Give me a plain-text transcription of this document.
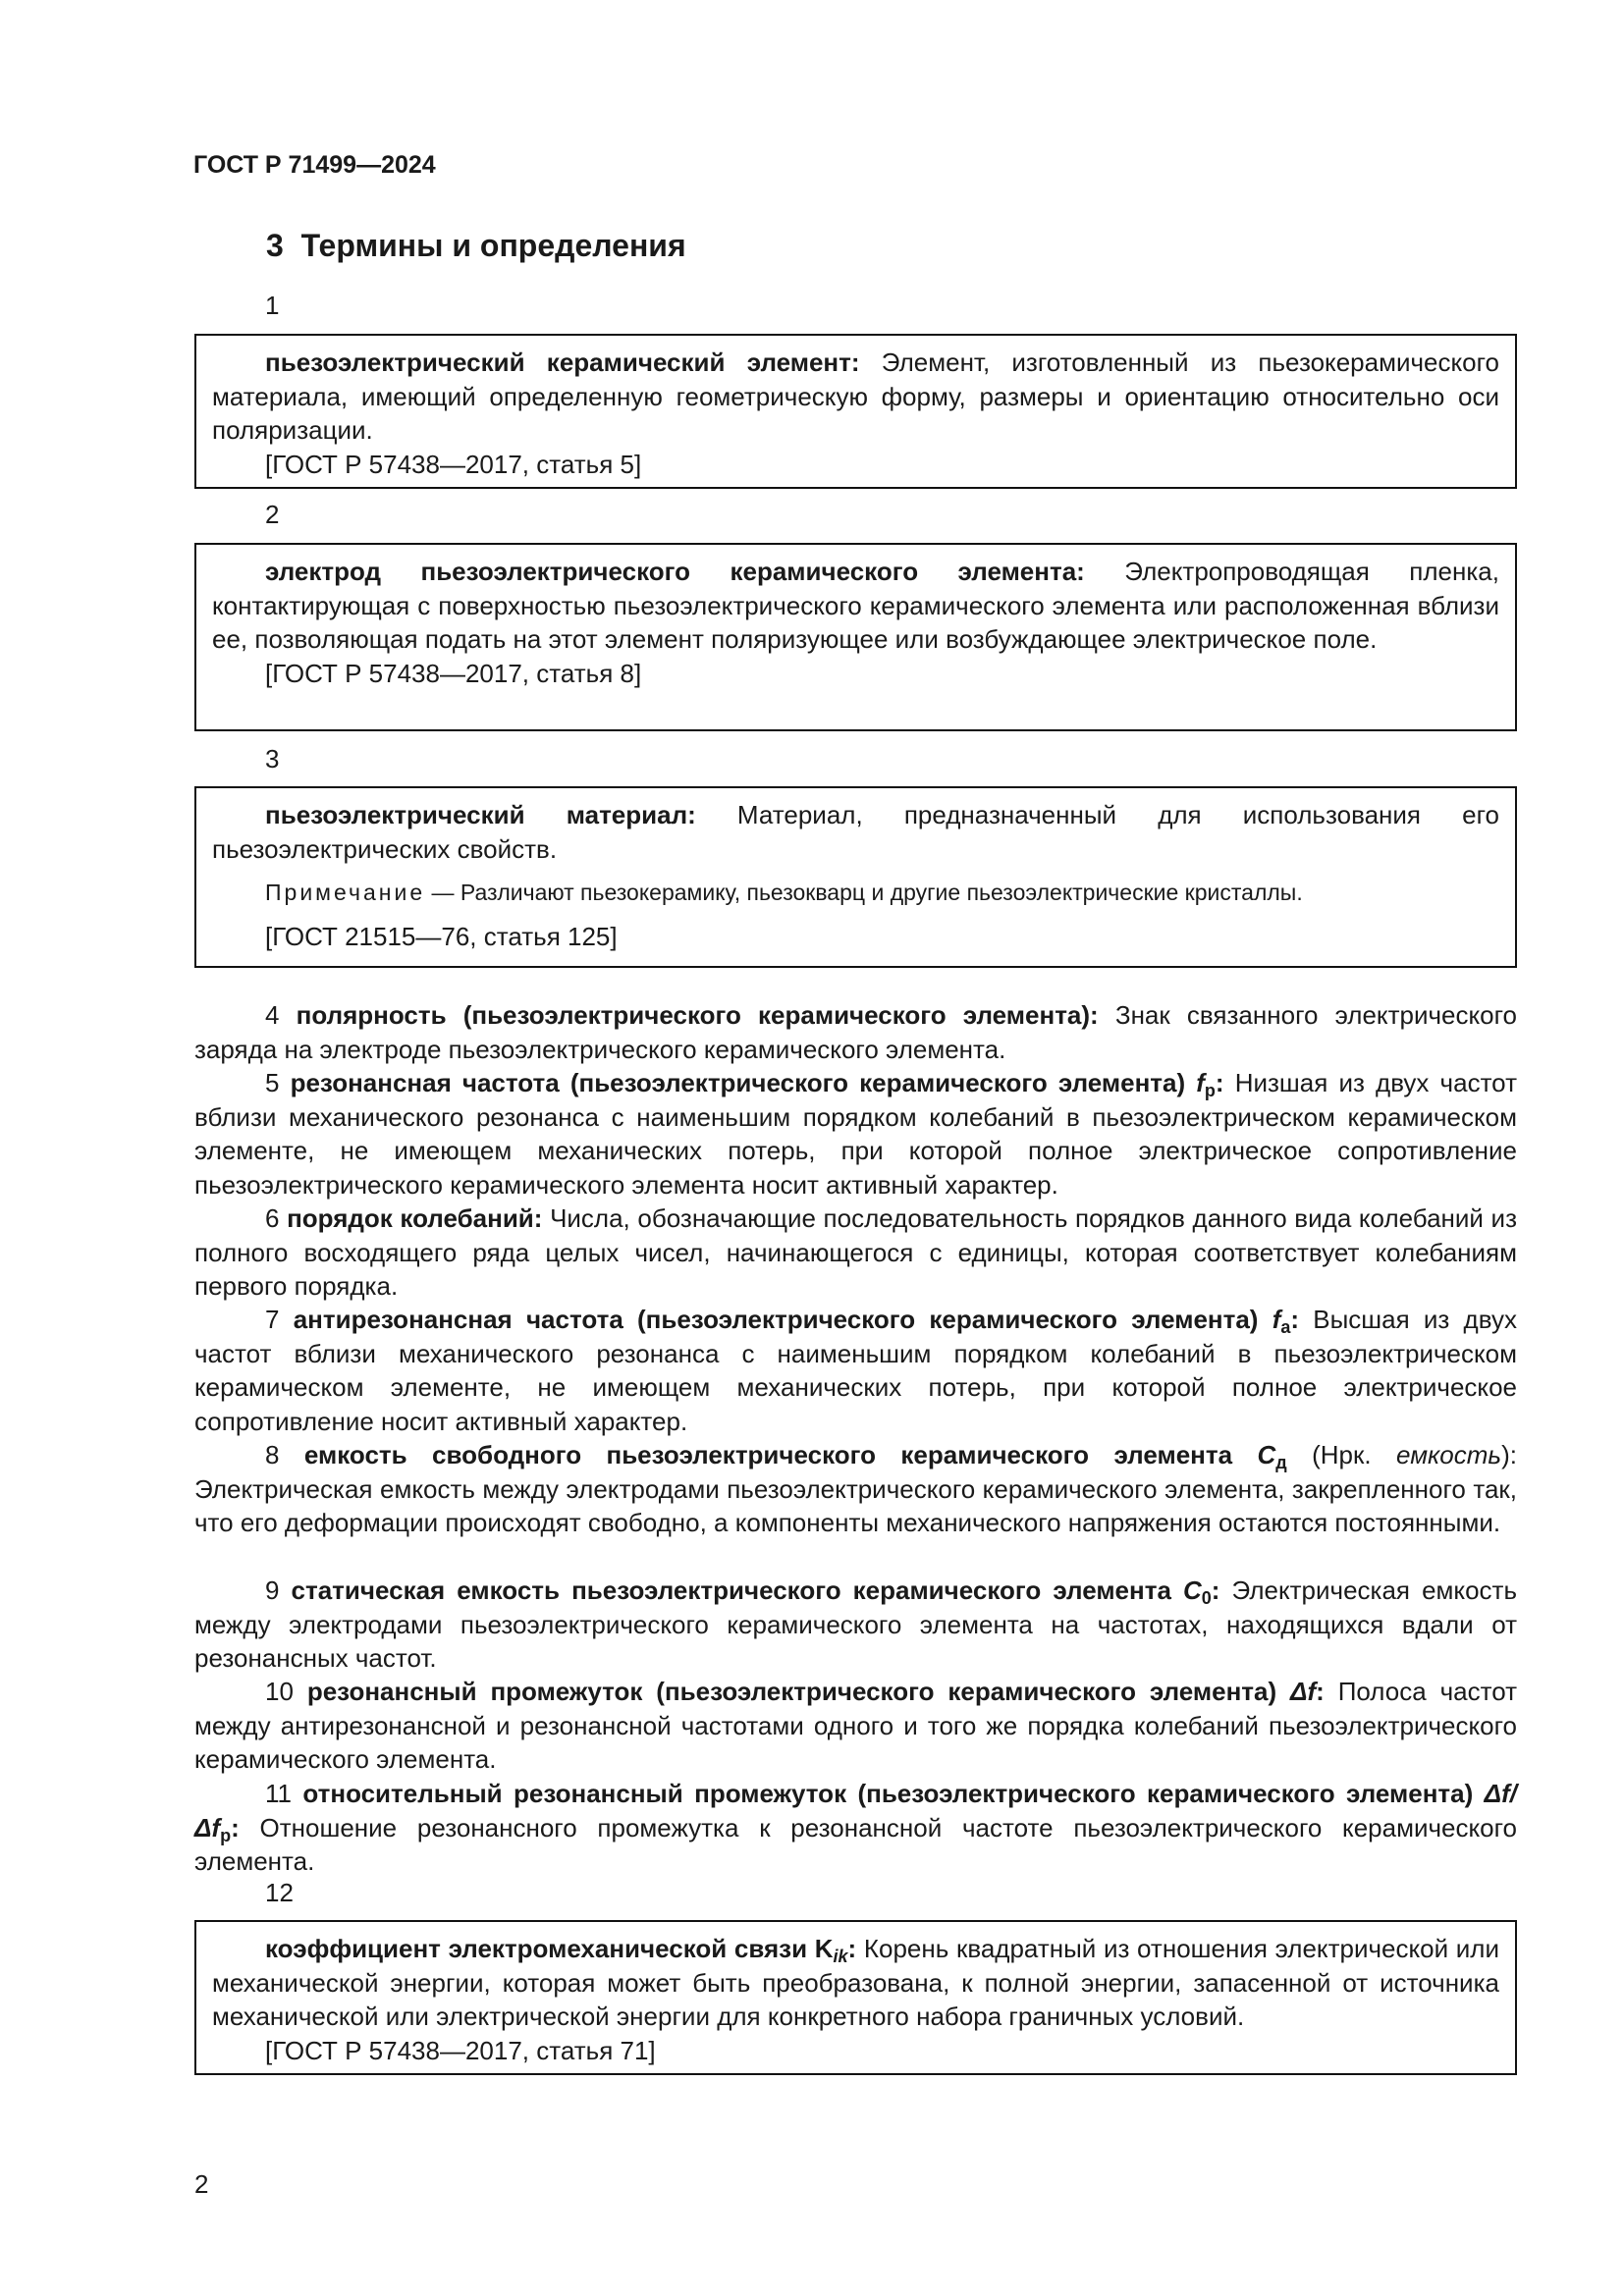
ГОСТ Р 71499—2024
3 Термины и определения
1

пьезоэлектрический керамический элемент: Элемент, изготовленный из пьезокерамического материала, имеющий определенную геометрическую форму, размеры и ориентацию относительно оси поляризации.

[ГОСТ Р 57438—2017, статья 5]

2

электрод пьезоэлектрического керамического элемента: Электропроводящая пленка, контактирующая с поверхностью пьезоэлектрического керамического элемента или расположенная вблизи ее, позволяющая подать на этот элемент поляризующее или возбуждающее электрическое поле.

[ГОСТ Р 57438—2017, статья 8]

3

пьезоэлектрический материал: Материал, предназначенный для использования его пьезоэлектрических свойств.

Примечание — Различают пьезокерамику, пьезокварц и другие пьезоэлектрические кристаллы.

[ГОСТ 21515—76, статья 125]

4 полярность (пьезоэлектрического керамического элемента): Знак связанного электрического заряда на электроде пьезоэлектрического керамического элемента.
5 резонансная частота (пьезоэлектрического керамического элемента) $f_р$: Низшая из двух частот вблизи механического резонанса с наименьшим порядком колебаний в пьезоэлектрическом керамическом элементе, не имеющем механических потерь, при которой полное электрическое сопротивление пьезоэлектрического керамического элемента носит активный характер.
6 порядок колебаний: Числа, обозначающие последовательность порядков данного вида колебаний из полного восходящего ряда целых чисел, начинающегося с единицы, которая соответствует колебаниям первого порядка.
7 антирезонансная частота (пьезоэлектрического керамического элемента) $f_а$: Высшая из двух частот вблизи механического резонанса с наименьшим порядком колебаний в пьезоэлектрическом керамическом элементе, не имеющем механических потерь, при которой полное электрическое сопротивление носит активный характер.
8 емкость свободного пьезоэлектрического керамического элемента $C_д$ (Нрк. емкость): Электрическая емкость между электродами пьезоэлектрического керамического элемента, закрепленного так, что его деформации происходят свободно, а компоненты механического напряжения остаются постоянными.
9 статическая емкость пьезоэлектрического керамического элемента $C_0$: Электрическая емкость между электродами пьезоэлектрического керамического элемента на частотах, находящихся вдали от резонансных частот.
10 резонансный промежуток (пьезоэлектрического керамического элемента) Δf: Полоса частот между антирезонансной и резонансной частотами одного и того же порядка колебаний пьезоэлектрического керамического элемента.
11 относительный резонансный промежуток (пьезоэлектрического керамического элемента) $\Delta f/\Delta f_р$: Отношение резонансного промежутка к резонансной частоте пьезоэлектрического керамического элемента.
12

коэффициент электромеханической связи $K_{ik}$: Корень квадратный из отношения электрической или механической энергии, которая может быть преобразована, к полной энергии, запасенной от источника механической или электрической энергии для конкретного набора граничных условий.

[ГОСТ Р 57438—2017, статья 71]

2
